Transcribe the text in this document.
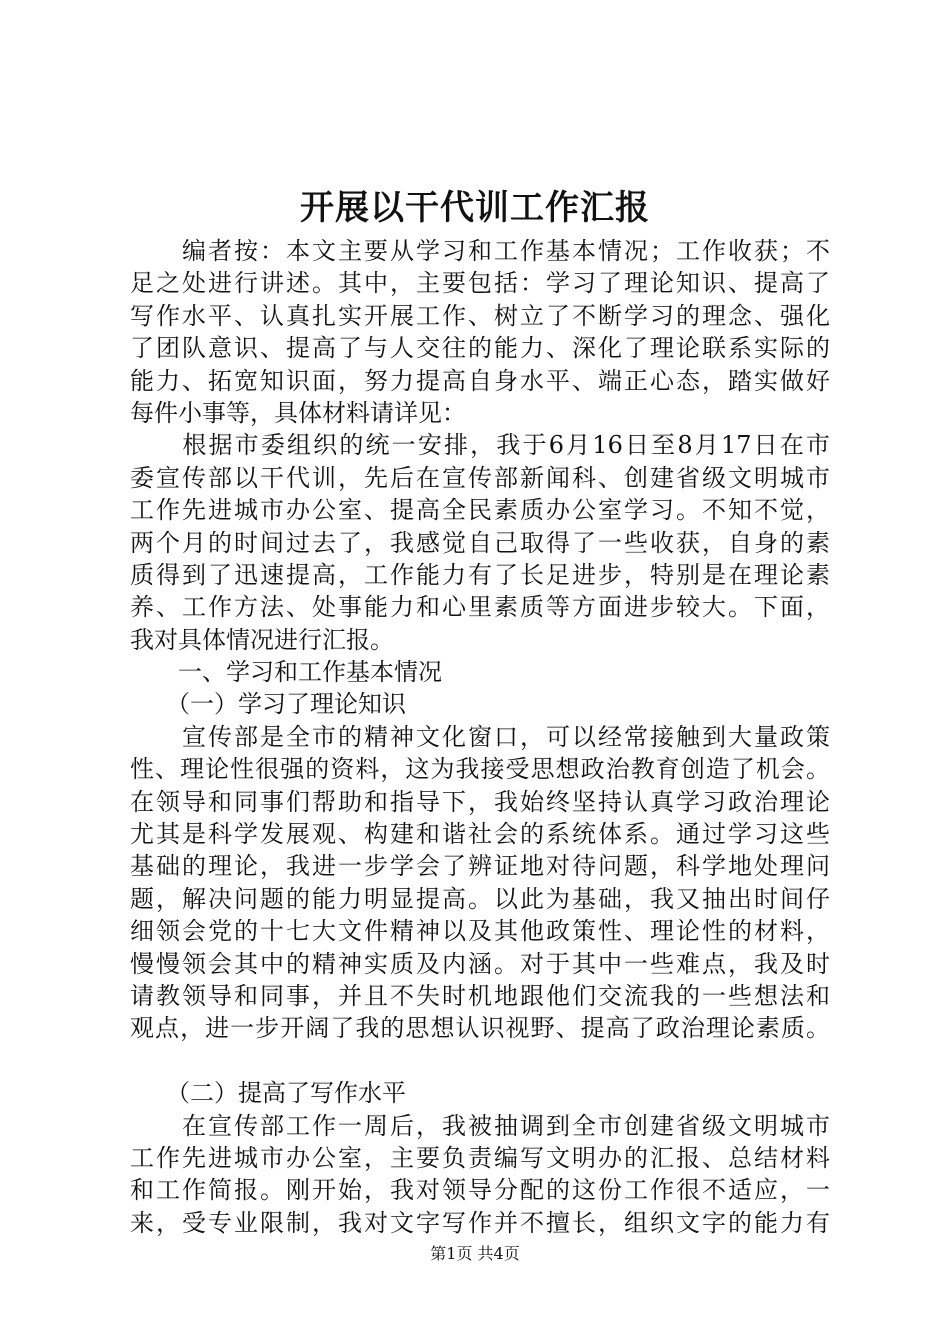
开展以干代训工作汇报
　　编者按：本文主要从学习和工作基本情况；工作收获；不
足之处进行讲述。其中，主要包括：学习了理论知识、提高了
写作水平、认真扎实开展工作、树立了不断学习的理念、强化
了团队意识、提高了与人交往的能力、深化了理论联系实际的
能力、拓宽知识面，努力提高自身水平、端正心态，踏实做好
每件小事等，具体材料请详见：
　　根据市委组织的统一安排，我于6月16日至8月17日在市
委宣传部以干代训，先后在宣传部新闻科、创建省级文明城市
工作先进城市办公室、提高全民素质办公室学习。不知不觉，
两个月的时间过去了，我感觉自己取得了一些收获，自身的素
质得到了迅速提高，工作能力有了长足进步，特别是在理论素
养、工作方法、处事能力和心里素质等方面进步较大。下面，
我对具体情况进行汇报。
　　一、学习和工作基本情况
　　（一）学习了理论知识
　　宣传部是全市的精神文化窗口，可以经常接触到大量政策
性、理论性很强的资料，这为我接受思想政治教育创造了机会。
在领导和同事们帮助和指导下，我始终坚持认真学习政治理论
尤其是科学发展观、构建和谐社会的系统体系。通过学习这些
基础的理论，我进一步学会了辨证地对待问题，科学地处理问
题，解决问题的能力明显提高。以此为基础，我又抽出时间仔
细领会党的十七大文件精神以及其他政策性、理论性的材料，
慢慢领会其中的精神实质及内涵。对于其中一些难点，我及时
请教领导和同事，并且不失时机地跟他们交流我的一些想法和
观点，进一步开阔了我的思想认识视野、提高了政治理论素质。
　　（二）提高了写作水平
　　在宣传部工作一周后，我被抽调到全市创建省级文明城市
工作先进城市办公室，主要负责编写文明办的汇报、总结材料
和工作简报。刚开始，我对领导分配的这份工作很不适应，一
来，受专业限制，我对文字写作并不擅长，组织文字的能力有
第1页 共4页
